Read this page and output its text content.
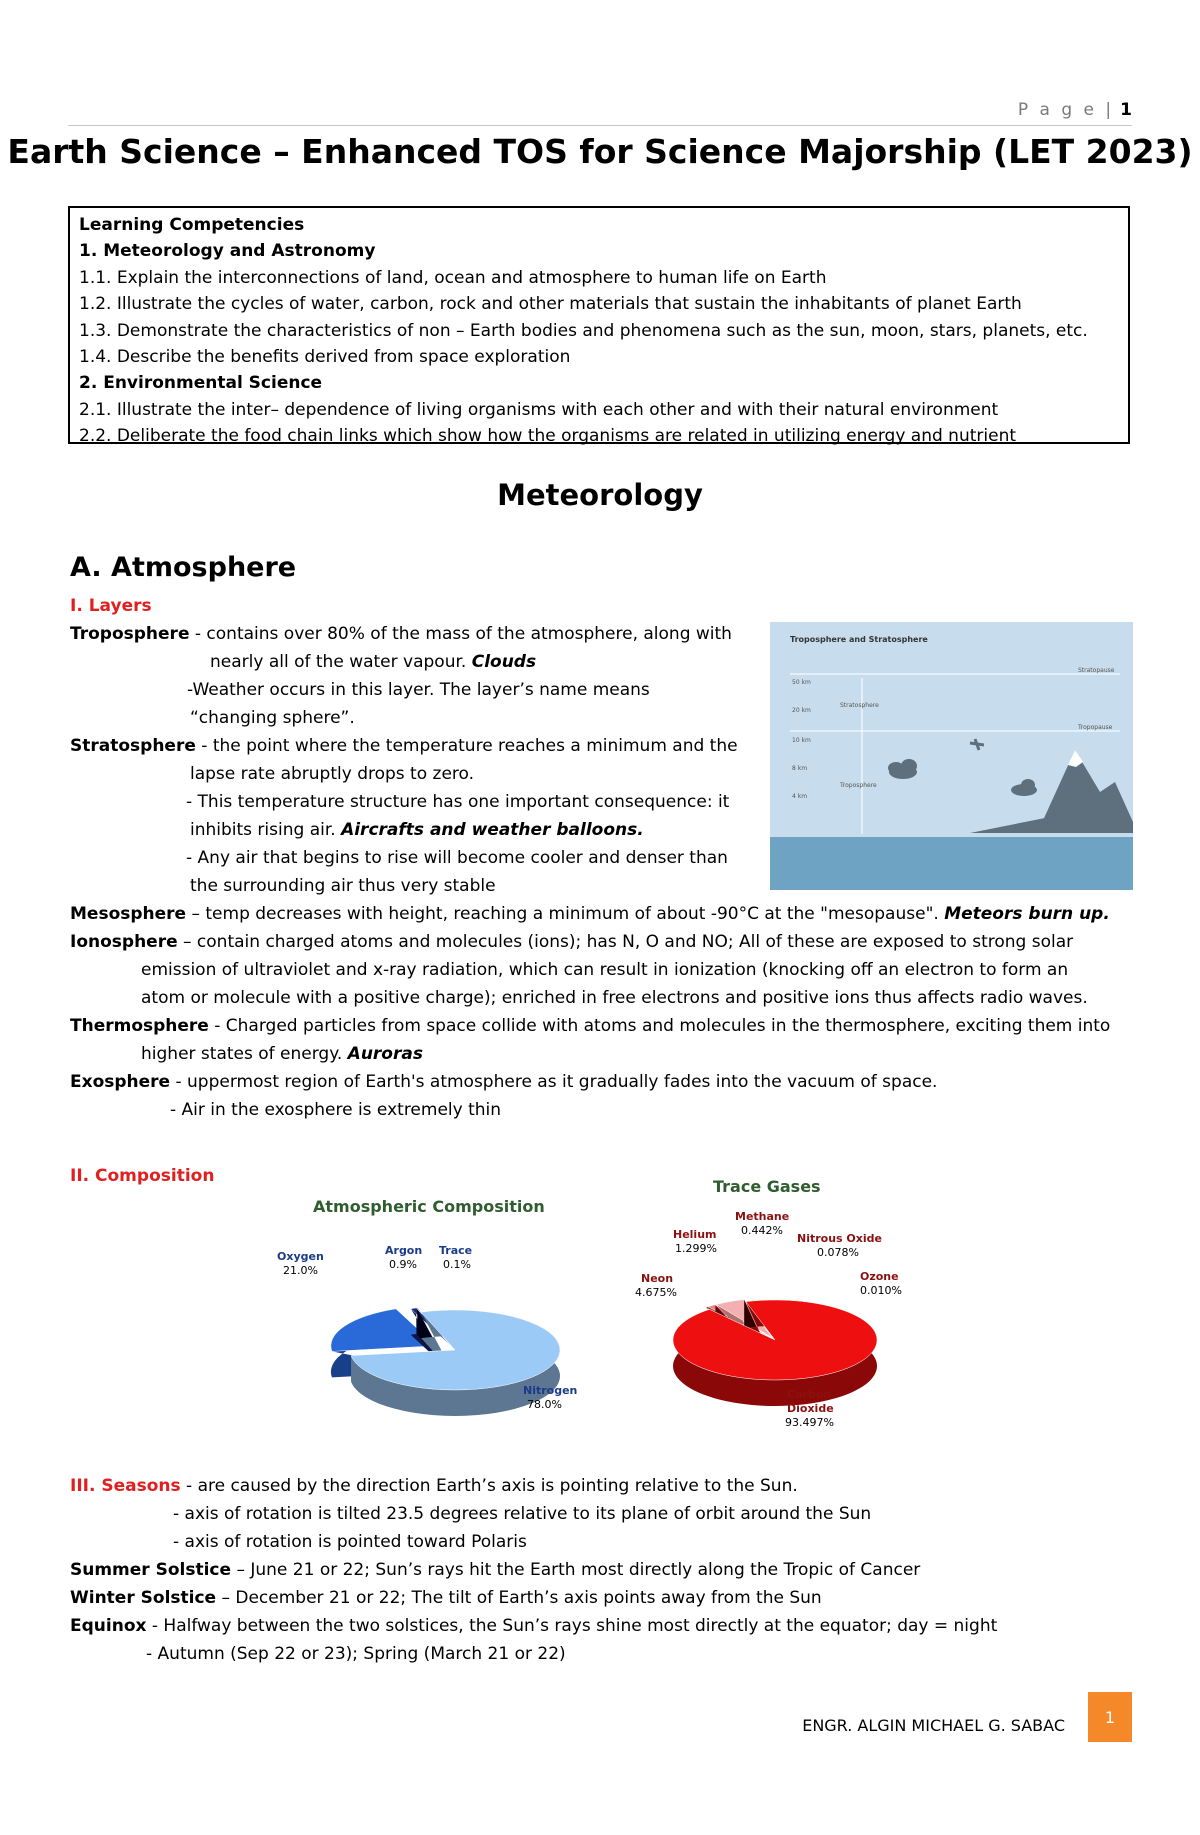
P a g e | 1
Earth Science – Enhanced TOS for Science Majorship (LET 2023)
Learning Competencies
1. Meteorology and Astronomy
1.1. Explain the interconnections of land, ocean and atmosphere to human life on Earth
1.2. Illustrate the cycles of water, carbon, rock and other materials that sustain the inhabitants of planet Earth
1.3. Demonstrate the characteristics of non – Earth bodies and phenomena such as the sun, moon, stars, planets, etc.
1.4. Describe the benefits derived from space exploration
2. Environmental Science
2.1. Illustrate the inter– dependence of living organisms with each other and with their natural environment
2.2. Deliberate the food chain links which show how the organisms are related in utilizing energy and nutrient
Meteorology
A. Atmosphere
I. Layers
Troposphere - contains over 80% of the mass of the atmosphere, along with
nearly all of the water vapour. Clouds
-Weather occurs in this layer. The layer’s name means
“changing sphere”.
Stratosphere - the point where the temperature reaches a minimum and the
lapse rate abruptly drops to zero.
- This temperature structure has one important consequence: it
inhibits rising air. Aircrafts and weather balloons.
- Any air that begins to rise will become cooler and denser than
the surrounding air thus very stable
Mesosphere – temp decreases with height, reaching a minimum of about -90°C at the "mesopause". Meteors burn up.
Ionosphere – contain charged atoms and molecules (ions); has N, O and NO; All of these are exposed to strong solar
emission of ultraviolet and x-ray radiation, which can result in ionization (knocking off an electron to form an
atom or molecule with a positive charge); enriched in free electrons and positive ions thus affects radio waves.
Thermosphere - Charged particles from space collide with atoms and molecules in the thermosphere, exciting them into
higher states of energy. Auroras
Exosphere - uppermost region of Earth's atmosphere as it gradually fades into the vacuum of space.
- Air in the exosphere is extremely thin
Troposphere and Stratosphere
Stratopause
Tropopause
Stratosphere
Troposphere
50 km
20 km
10 km
8 km
4 km
II. Composition
Atmospheric Composition
Oxygen
21.0%
Argon
0.9%
Trace
0.1%
Nitrogen
78.0%
Trace Gases
Methane
0.442%
Helium
1.299%
Nitrous Oxide
0.078%
Neon
4.675%
Ozone
0.010%
Carbon
Dioxide
93.497%
III. Seasons - are caused by the direction Earth’s axis is pointing relative to the Sun.
- axis of rotation is tilted 23.5 degrees relative to its plane of orbit around the Sun
- axis of rotation is pointed toward Polaris
Summer Solstice – June 21 or 22; Sun’s rays hit the Earth most directly along the Tropic of Cancer
Winter Solstice – December 21 or 22; The tilt of Earth’s axis points away from the Sun
Equinox - Halfway between the two solstices, the Sun’s rays shine most directly at the equator; day = night
- Autumn (Sep 22 or 23); Spring (March 21 or 22)
ENGR. ALGIN MICHAEL G. SABAC	1
